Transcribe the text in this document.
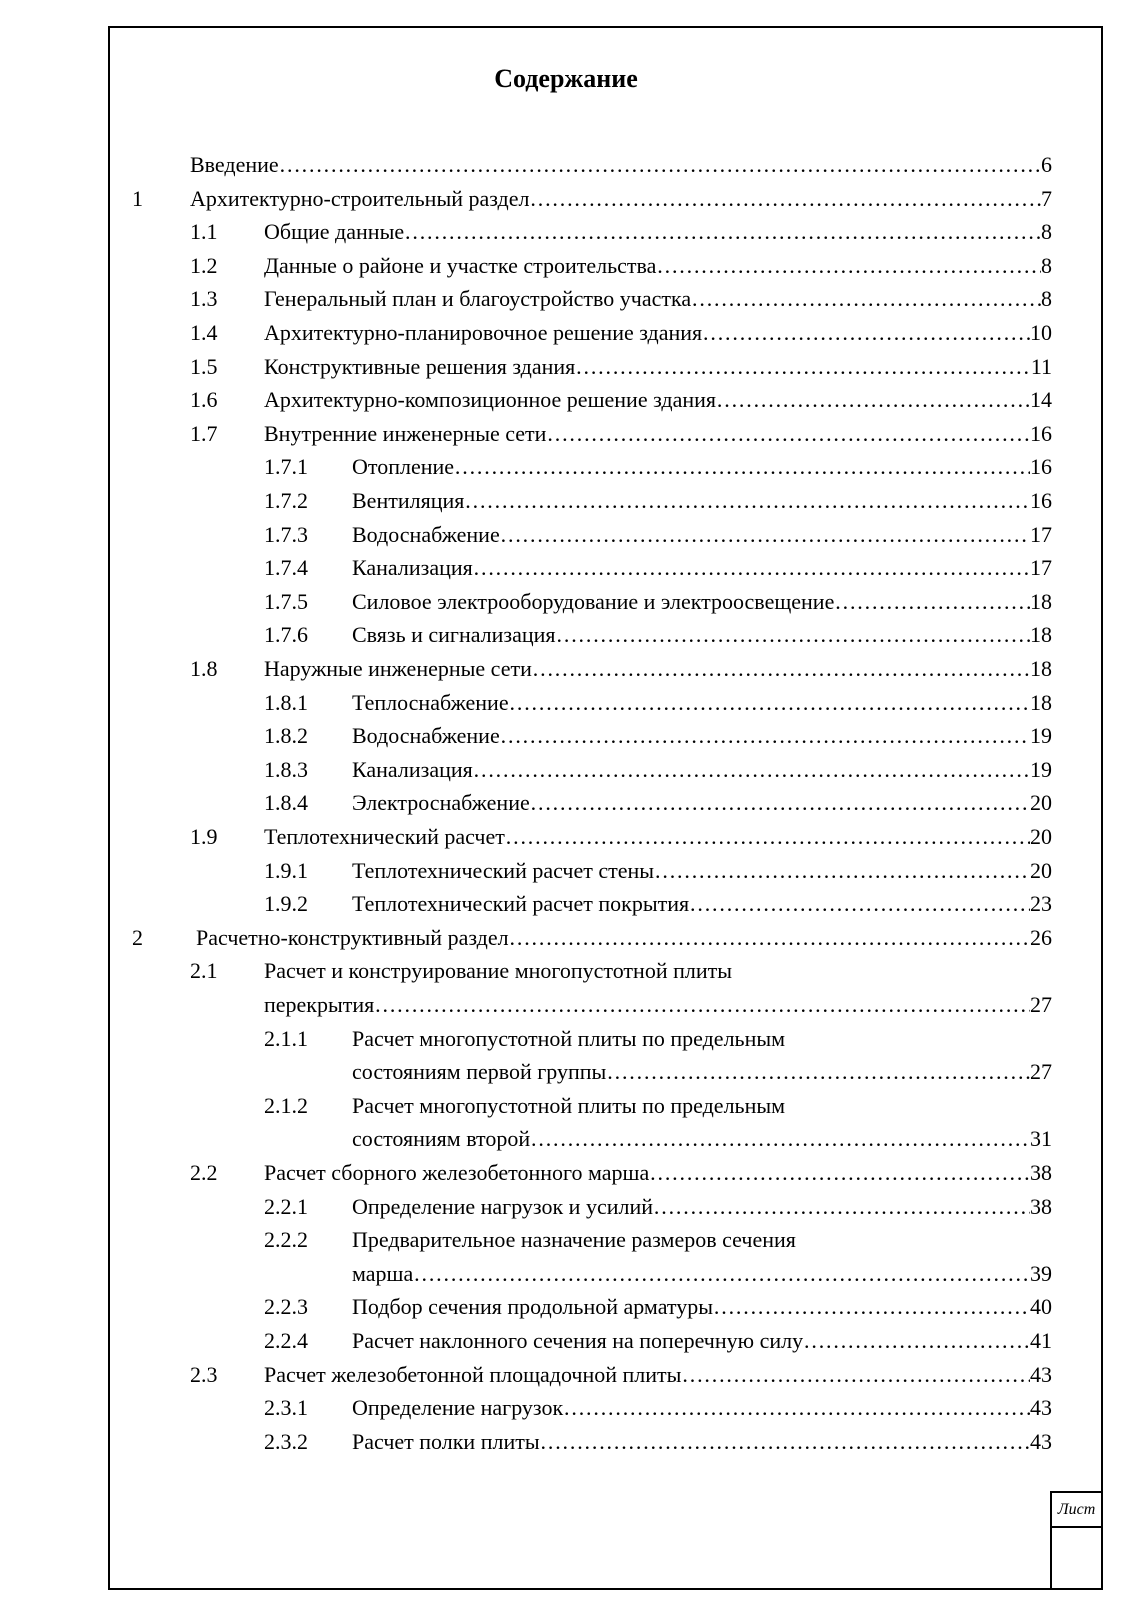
Содержание
Введение …………………………………………………………………………………………………………………………………………………………………………	6
1 Архитектурно-строительный раздел …………………………………………………………………………………………………………………………………………………………………………	7
1.1 Общие данные …………………………………………………………………………………………………………………………………………………………………………	8
1.2 Данные о районе и участке строительства …………………………………………………………………………………………………………………………………………………………………………	8
1.3 Генеральный план и благоустройство участка …………………………………………………………………………………………………………………………………………………………………………	8
1.4 Архитектурно-планировочное решение здания …………………………………………………………………………………………………………………………………………………………………………	10
1.5 Конструктивные решения здания …………………………………………………………………………………………………………………………………………………………………………	11
1.6 Архитектурно-композиционное решение здания …………………………………………………………………………………………………………………………………………………………………………	14
1.7 Внутренние инженерные сети …………………………………………………………………………………………………………………………………………………………………………	16
1.7.1 Отопление …………………………………………………………………………………………………………………………………………………………………………	16
1.7.2 Вентиляция …………………………………………………………………………………………………………………………………………………………………………	16
1.7.3 Водоснабжение …………………………………………………………………………………………………………………………………………………………………………	17
1.7.4 Канализация …………………………………………………………………………………………………………………………………………………………………………	17
1.7.5 Силовое электрооборудование и электроосвещение …………………………………………………………………………………………………………………………………………………………………………	18
1.7.6 Связь и сигнализация …………………………………………………………………………………………………………………………………………………………………………	18
1.8 Наружные инженерные сети …………………………………………………………………………………………………………………………………………………………………………	18
1.8.1 Теплоснабжение …………………………………………………………………………………………………………………………………………………………………………	18
1.8.2 Водоснабжение …………………………………………………………………………………………………………………………………………………………………………	19
1.8.3 Канализация …………………………………………………………………………………………………………………………………………………………………………	19
1.8.4 Электроснабжение …………………………………………………………………………………………………………………………………………………………………………	20
1.9 Теплотехнический расчет …………………………………………………………………………………………………………………………………………………………………………	20
1.9.1 Теплотехнический расчет стены …………………………………………………………………………………………………………………………………………………………………………	20
1.9.2 Теплотехнический расчет покрытия …………………………………………………………………………………………………………………………………………………………………………	23
2 Расчетно-конструктивный раздел …………………………………………………………………………………………………………………………………………………………………………	26
2.1 Расчет и конструирование многопустотной плиты
перекрытия …………………………………………………………………………………………………………………………………………………………………………	27
2.1.1 Расчет многопустотной плиты по предельным
состояниям первой группы …………………………………………………………………………………………………………………………………………………………………………	27
2.1.2 Расчет многопустотной плиты по предельным
состояниям второй …………………………………………………………………………………………………………………………………………………………………………	31
2.2 Расчет сборного железобетонного марша …………………………………………………………………………………………………………………………………………………………………………	38
2.2.1 Определение нагрузок и усилий …………………………………………………………………………………………………………………………………………………………………………	38
2.2.2 Предварительное назначение размеров сечения
марша …………………………………………………………………………………………………………………………………………………………………………	39
2.2.3 Подбор сечения продольной арматуры …………………………………………………………………………………………………………………………………………………………………………	40
2.2.4 Расчет наклонного сечения на поперечную силу …………………………………………………………………………………………………………………………………………………………………………	41
2.3 Расчет железобетонной площадочной плиты …………………………………………………………………………………………………………………………………………………………………………	43
2.3.1 Определение нагрузок …………………………………………………………………………………………………………………………………………………………………………	43
2.3.2 Расчет полки плиты …………………………………………………………………………………………………………………………………………………………………………	43
Лист
